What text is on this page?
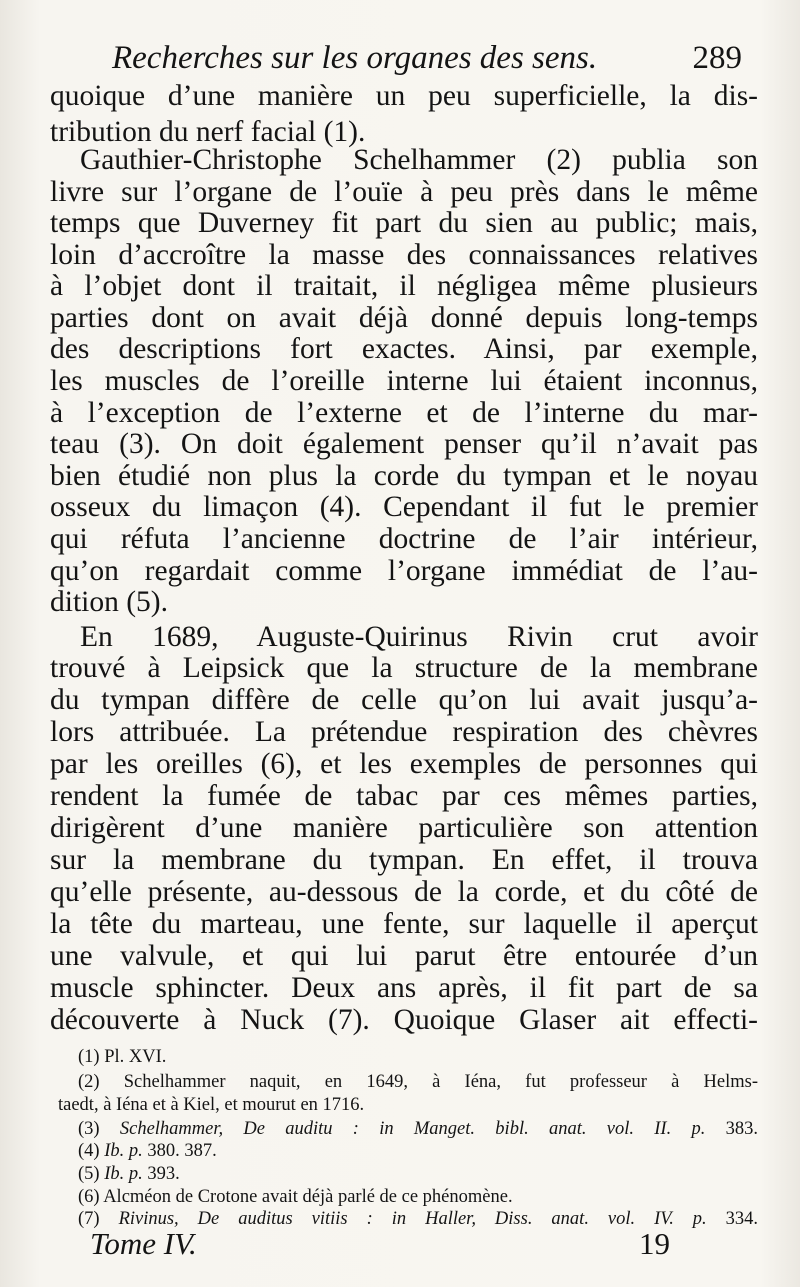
Recherches sur les organes des sens.	289
quoique d’une manière un peu superficielle, la dis-
tribution du nerf facial (1).
Gauthier-Christophe Schelhammer (2) publia son
livre sur l’organe de l’ouïe à peu près dans le même
temps que Duverney fit part du sien au public; mais,
loin d’accroître la masse des connaissances relatives
à l’objet dont il traitait, il négligea même plusieurs
parties dont on avait déjà donné depuis long-temps
des descriptions fort exactes. Ainsi, par exemple,
les muscles de l’oreille interne lui étaient inconnus,
à l’exception de l’externe et de l’interne du mar-
teau (3). On doit également penser qu’il n’avait pas
bien étudié non plus la corde du tympan et le noyau
osseux du limaçon (4). Cependant il fut le premier
qui réfuta l’ancienne doctrine de l’air intérieur,
qu’on regardait comme l’organe immédiat de l’au-
dition (5).
En 1689, Auguste-Quirinus Rivin crut avoir
trouvé à Leipsick que la structure de la membrane
du tympan diffère de celle qu’on lui avait jusqu’a-
lors attribuée. La prétendue respiration des chèvres
par les oreilles (6), et les exemples de personnes qui
rendent la fumée de tabac par ces mêmes parties,
dirigèrent d’une manière particulière son attention
sur la membrane du tympan. En effet, il trouva
qu’elle présente, au-dessous de la corde, et du côté de
la tête du marteau, une fente, sur laquelle il aperçut
une valvule, et qui lui parut être entourée d’un
muscle sphincter. Deux ans après, il fit part de sa
découverte à Nuck (7). Quoique Glaser ait effecti-
(1) Pl. XVI.
(2) Schelhammer naquit, en 1649, à Iéna, fut professeur à Helms-
taedt, à Iéna et à Kiel, et mourut en 1716.
(3) Schelhammer, De auditu : in Manget. bibl. anat. vol. II. p. 383.
(4) Ib. p. 380. 387.
(5) Ib. p. 393.
(6) Alcméon de Crotone avait déjà parlé de ce phénomène.
(7) Rivinus, De auditus vitiis : in Haller, Diss. anat. vol. IV. p. 334.
Tome IV.	19
